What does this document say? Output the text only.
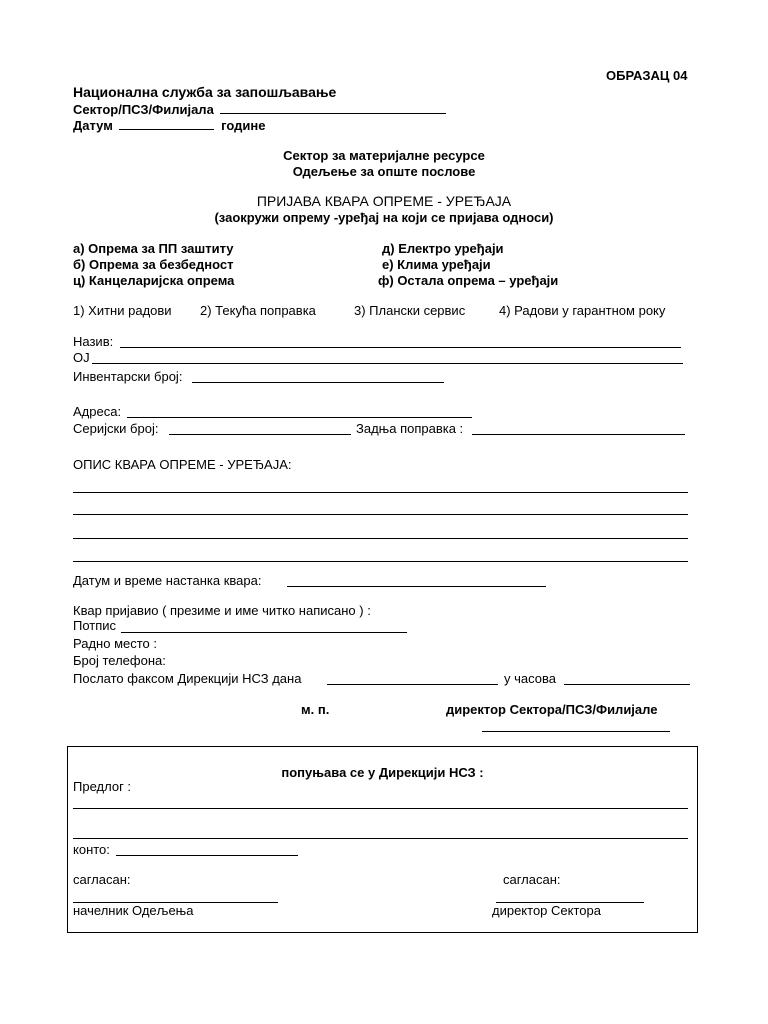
ОБРАЗАЦ 04
Национална служба за запошљавање
Сектор/ПСЗ/Филијала
Датум	године
Сектор за материјалне ресурсе
Одељење за опште послове
ПРИЈАВА КВАРА ОПРЕМЕ - УРЕЂАЈА
(заокружи опрему -уређај на који се пријава односи)
а) Опрема за ПП заштиту
б) Опрема за безбедност
ц) Канцеларијска опрема
д) Електро уређаји
е) Клима уређаји
ф) Остала опрема – уређаји
1) Хитни радови 2) Текућа поправка	3) Плански сервис	4) Радови у гарантном року
Назив:
ОЈ
Инвентарски број:
Адреса:
Серијски број:	Задња поправка :
ОПИС КВАРА ОПРЕМЕ - УРЕЂАЈА:
Датум и време настанка квара:
Квар пријавио ( презиме и име читко написано ) :
Потпис
Радно место :
Број телефона:
Послато факсом Дирекцији НСЗ дана	у часова
м. п.	директор Сектора/ПСЗ/Филијале
попуњава се у Дирекцији НСЗ :
Предлог :
конто:
сагласан:	сагласан:
начелник Одељења	директор Сектора
